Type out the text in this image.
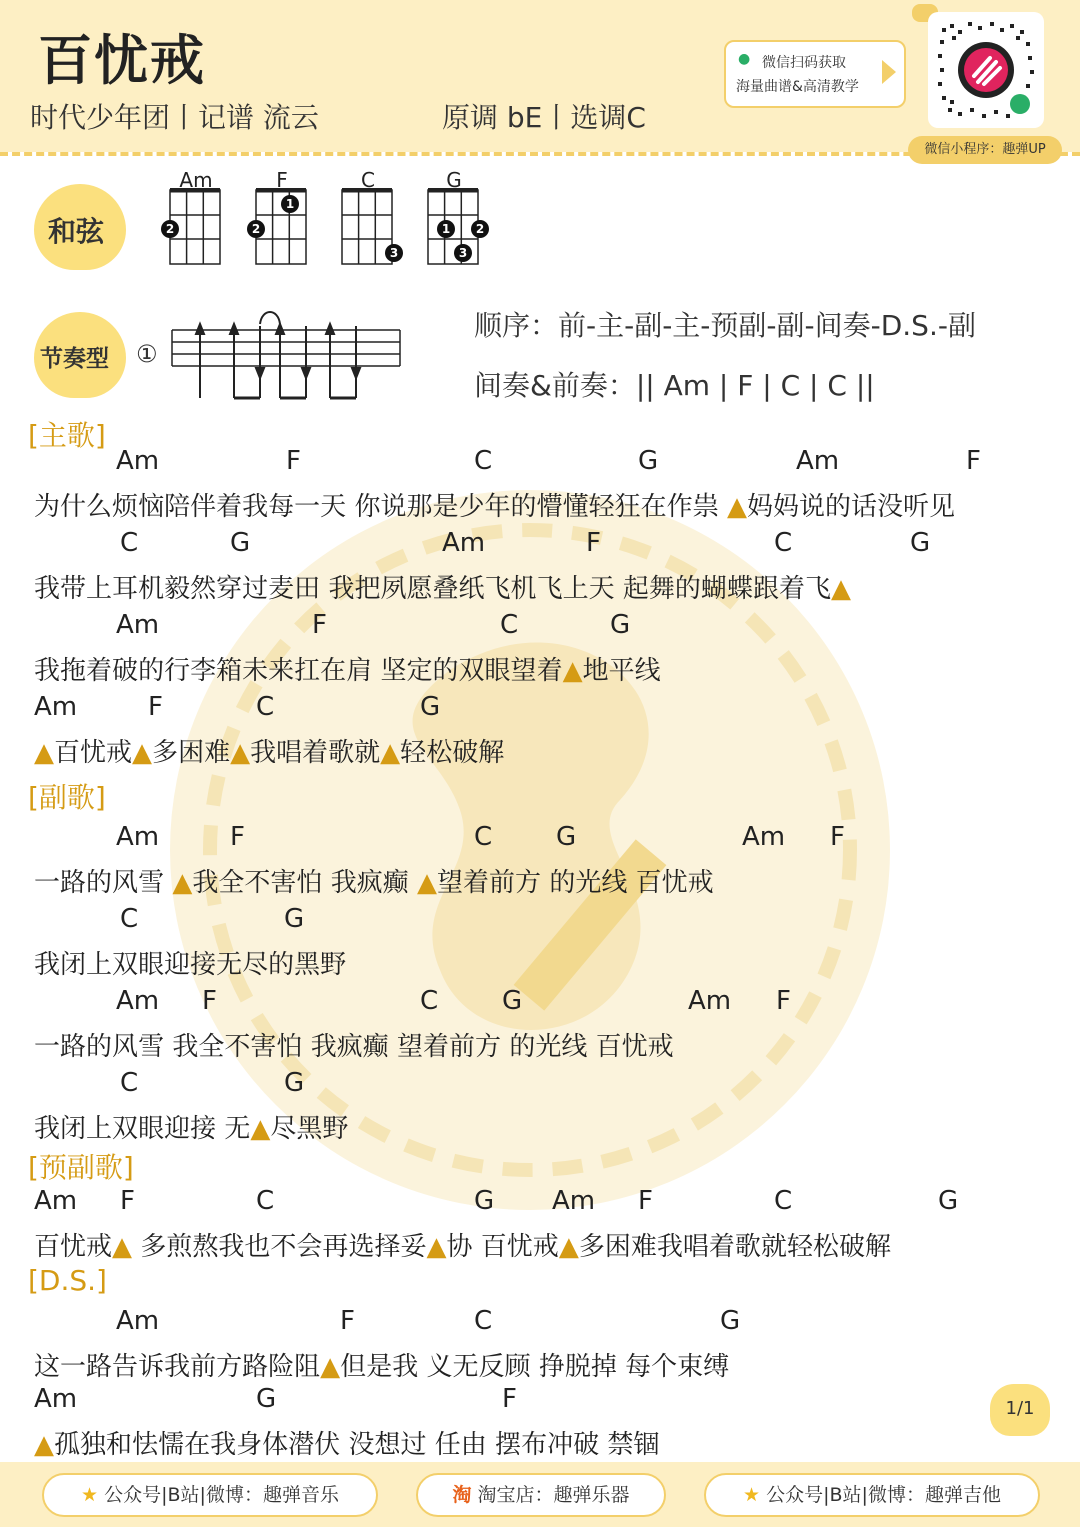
百忧戒
时代少年团丨记谱 流云	原调 bE丨选调C
● 微信扫码获取
海量曲谱&高清教学
微信小程序：趣弹UP
和弦
Am	F	C	G
2	2
1
3
1	2
3
节奏型 ①
顺序：前-主-副-主-预副-副-间奏-D.S.-副
间奏&前奏：|| Am | F | C | C ||
[主歌]
[副歌]
[预副歌]
[D.S.]
Am	F	C	G	Am	F
为什么烦恼陪伴着我每一天 你说那是少年的懵懂轻狂在作祟 ▲妈妈说的话没听见
C	G	Am	F	C	G
我带上耳机毅然穿过麦田 我把夙愿叠纸飞机飞上天 起舞的蝴蝶跟着飞▲
Am	F	C	G
我拖着破的行李箱未来扛在肩 坚定的双眼望着▲地平线
Am	F	C	G
▲百忧戒▲多困难▲我唱着歌就▲轻松破解
Am	F	C G	Am F
一路的风雪 ▲我全不害怕 我疯癫 ▲望着前方 的光线 百忧戒
C	G
我闭上双眼迎接无尽的黑野
Am F	C G	Am F
一路的风雪 我全不害怕 我疯癫 望着前方 的光线 百忧戒
C	G
我闭上双眼迎接 无▲尽黑野
Am F	C	G Am F	C	G
百忧戒▲ 多煎熬我也不会再选择妥▲协 百忧戒▲多困难我唱着歌就轻松破解
Am	F	C	G
这一路告诉我前方路险阻▲但是我 义无反顾 挣脱掉 每个束缚
Am	G	F
▲孤独和怯懦在我身体潜伏 没想过 任由 摆布冲破 禁锢
1/1
★ 公众号|B站|微博：趣弹音乐	淘 淘宝店：趣弹乐器	★ 公众号|B站|微博：趣弹吉他
